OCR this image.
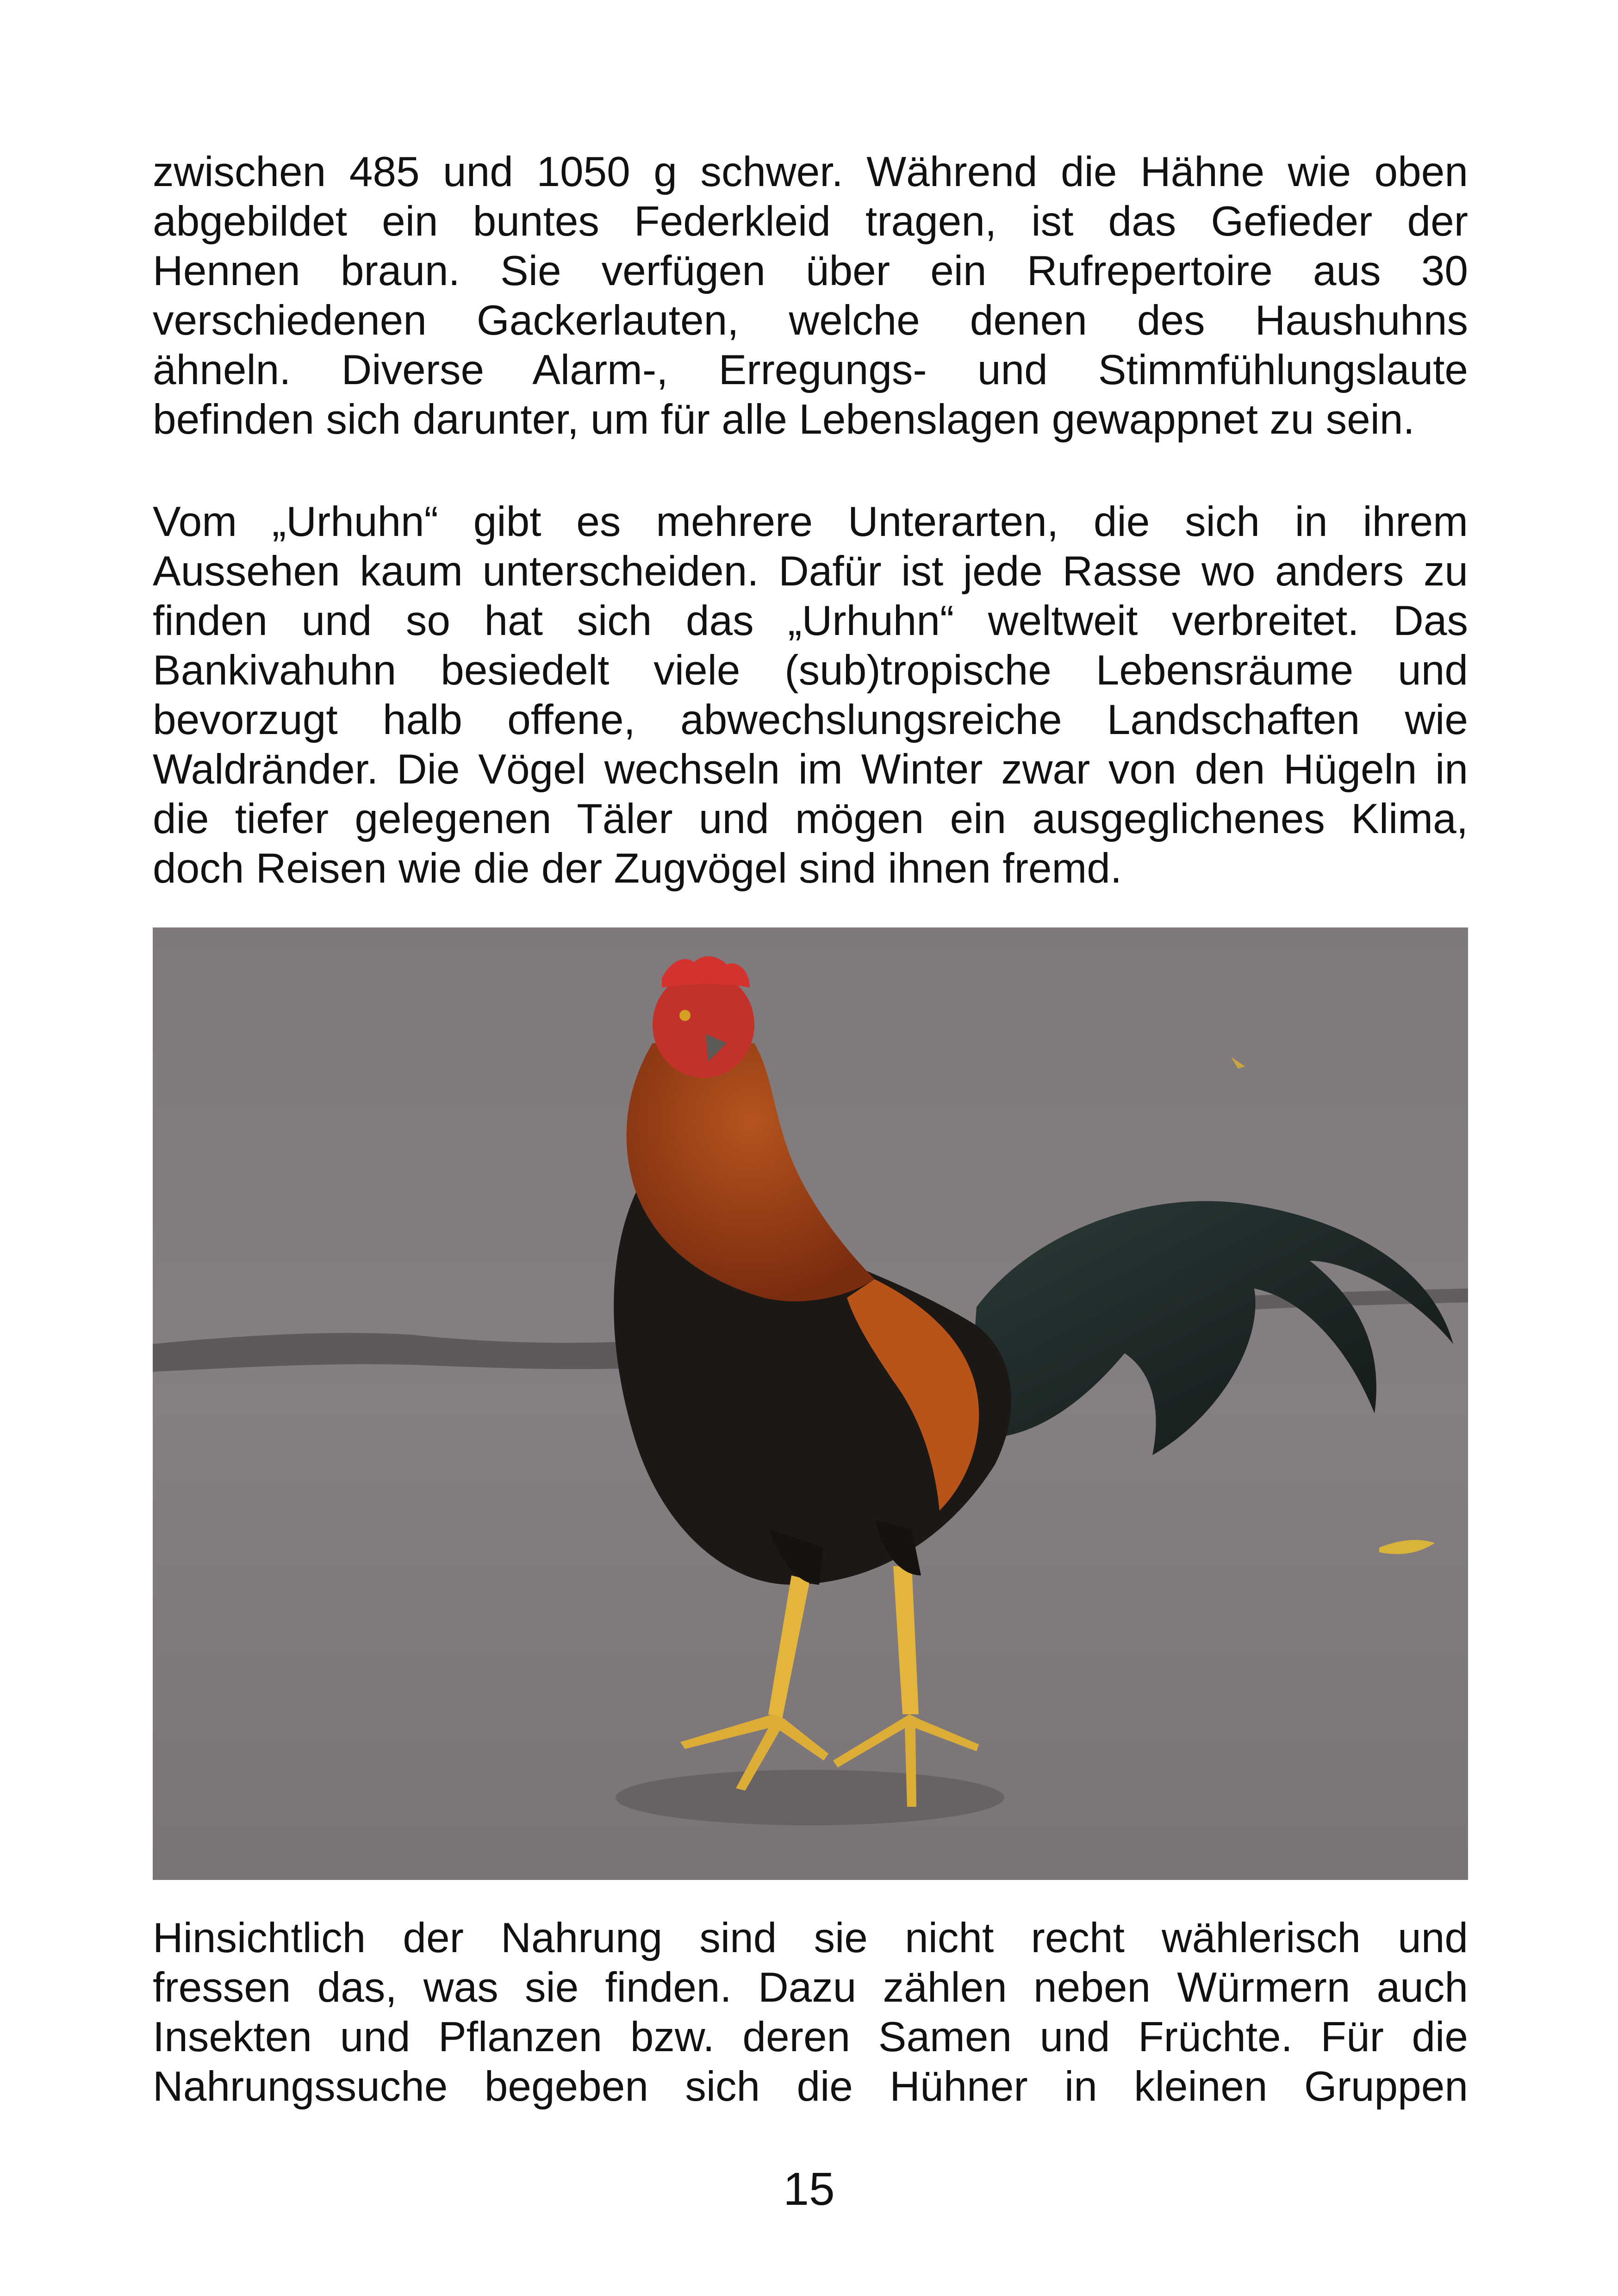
zwischen 485 und 1050 g schwer. Während die Hähne wie oben
abgebildet ein buntes Federkleid tragen, ist das Gefieder der
Hennen braun. Sie verfügen über ein Rufrepertoire aus 30
verschiedenen Gackerlauten, welche denen des Haushuhns
ähneln. Diverse Alarm-, Erregungs- und Stimmfühlungslaute
befinden sich darunter, um für alle Lebenslagen gewappnet zu sein.
Vom „Urhuhn“ gibt es mehrere Unterarten, die sich in ihrem
Aussehen kaum unterscheiden. Dafür ist jede Rasse wo anders zu
finden und so hat sich das „Urhuhn“ weltweit verbreitet. Das
Bankivahuhn besiedelt viele (sub)tropische Lebensräume und
bevorzugt halb offene, abwechslungsreiche Landschaften wie
Waldränder. Die Vögel wechseln im Winter zwar von den Hügeln in
die tiefer gelegenen Täler und mögen ein ausgeglichenes Klima,
doch Reisen wie die der Zugvögel sind ihnen fremd.
Hinsichtlich der Nahrung sind sie nicht recht wählerisch und
fressen das, was sie finden. Dazu zählen neben Würmern auch
Insekten und Pflanzen bzw. deren Samen und Früchte. Für die
Nahrungssuche begeben sich die Hühner in kleinen Gruppen
15
